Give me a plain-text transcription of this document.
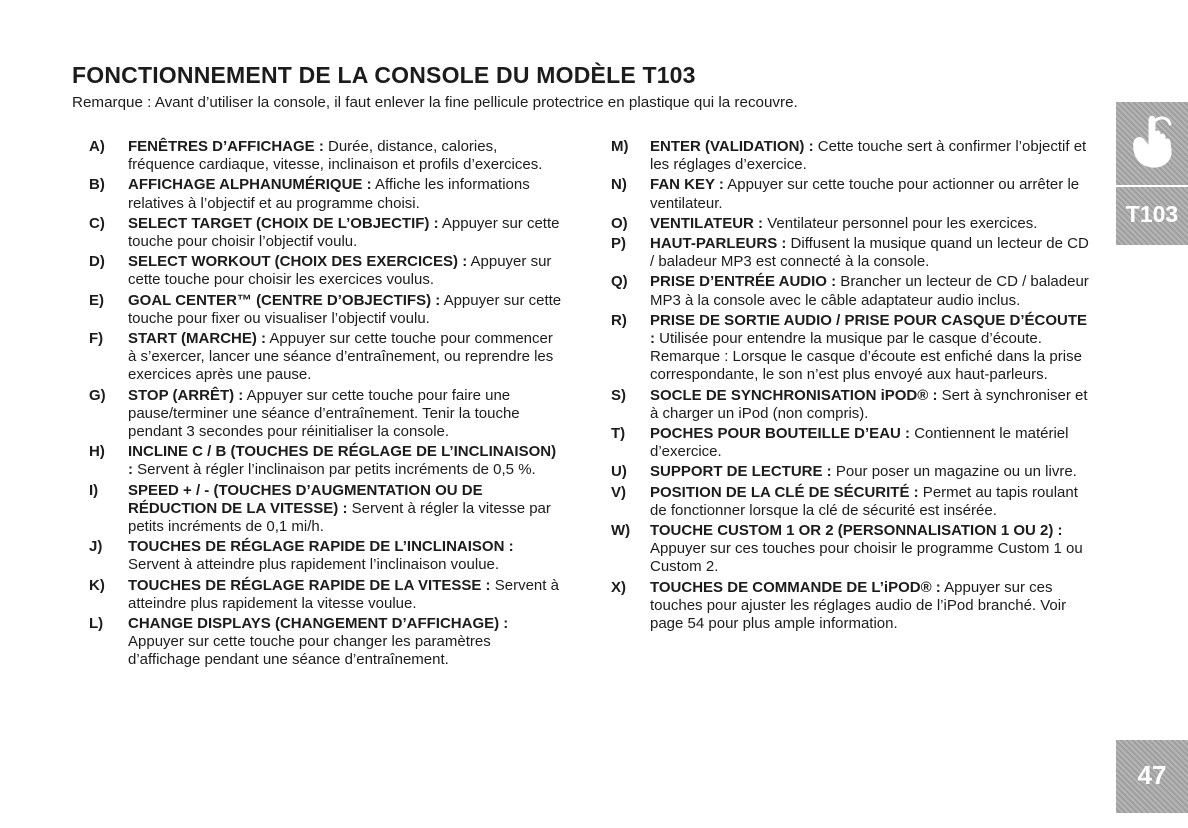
FONCTIONNEMENT DE LA CONSOLE DU MODÈLE T103
Remarque : Avant d’utiliser la console, il faut enlever la fine pellicule protectrice en plastique qui la recouvre.
A) FENÊTRES D’AFFICHAGE : Durée, distance, calories, fréquence cardiaque, vitesse, inclinaison et profils d’exercices.
B) AFFICHAGE ALPHANUMÉRIQUE : Affiche les informations relatives à l’objectif et au programme choisi.
C) SELECT TARGET (CHOIX DE L’OBJECTIF) : Appuyer sur cette touche pour choisir l’objectif voulu.
D) SELECT WORKOUT (CHOIX DES EXERCICES) : Appuyer sur cette touche pour choisir les exercices voulus.
E) GOAL CENTER™ (CENTRE D’OBJECTIFS) : Appuyer sur cette touche pour fixer ou visualiser l’objectif voulu.
F) START (MARCHE) : Appuyer sur cette touche pour commencer à s’exercer, lancer une séance d’entraînement, ou reprendre les exercices après une pause.
G) STOP (ARRÊT) : Appuyer sur cette touche pour faire une pause/terminer une séance d’entraînement. Tenir la touche pendant 3 secondes pour réinitialiser la console.
H) INCLINE C / B (TOUCHES DE RÉGLAGE DE L’INCLINAISON) : Servent à régler l’inclinaison par petits incréments de 0,5 %.
I) SPEED + / - (TOUCHES D’AUGMENTATION OU DE RÉDUCTION DE LA VITESSE) : Servent à régler la vitesse par petits incréments de 0,1 mi/h.
J) TOUCHES DE RÉGLAGE RAPIDE DE L’INCLINAISON : Servent à atteindre plus rapidement l’inclinaison voulue.
K) TOUCHES DE RÉGLAGE RAPIDE DE LA VITESSE : Servent à atteindre plus rapidement la vitesse voulue.
L) CHANGE DISPLAYS (CHANGEMENT D’AFFICHAGE) : Appuyer sur cette touche pour changer les paramètres d’affichage pendant une séance d’entraînement.
M) ENTER (VALIDATION) : Cette touche sert à confirmer l’objectif et les réglages d’exercice.
N) FAN KEY : Appuyer sur cette touche pour actionner ou arrêter le ventilateur.
O) VENTILATEUR : Ventilateur personnel pour les exercices.
P) HAUT-PARLEURS : Diffusent la musique quand un lecteur de CD / baladeur MP3 est connecté à la console.
Q) PRISE D’ENTRÉE AUDIO : Brancher un lecteur de CD / baladeur MP3 à la console avec le câble adaptateur audio inclus.
R) PRISE DE SORTIE AUDIO / PRISE POUR CASQUE D’ÉCOUTE : Utilisée pour entendre la musique par le casque d’écoute. Remarque : Lorsque le casque d’écoute est enfiché dans la prise correspondante, le son n’est plus envoyé aux haut-parleurs.
S) SOCLE DE SYNCHRONISATION iPOD® : Sert à synchroniser et à charger un iPod (non compris).
T) POCHES POUR BOUTEILLE D’EAU : Contiennent le matériel d’exercice.
U) SUPPORT DE LECTURE : Pour poser un magazine ou un livre.
V) POSITION DE LA CLÉ DE SÉCURITÉ : Permet au tapis roulant de fonctionner lorsque la clé de sécurité est insérée.
W) TOUCHE CUSTOM 1 OR 2 (PERSONNALISATION 1 OU 2) : Appuyer sur ces touches pour choisir le programme Custom 1 ou Custom 2.
X) TOUCHES DE COMMANDE DE L’iPOD® : Appuyer sur ces touches pour ajuster les réglages audio de l’iPod branché. Voir page 54 pour plus ample information.
T103
47
